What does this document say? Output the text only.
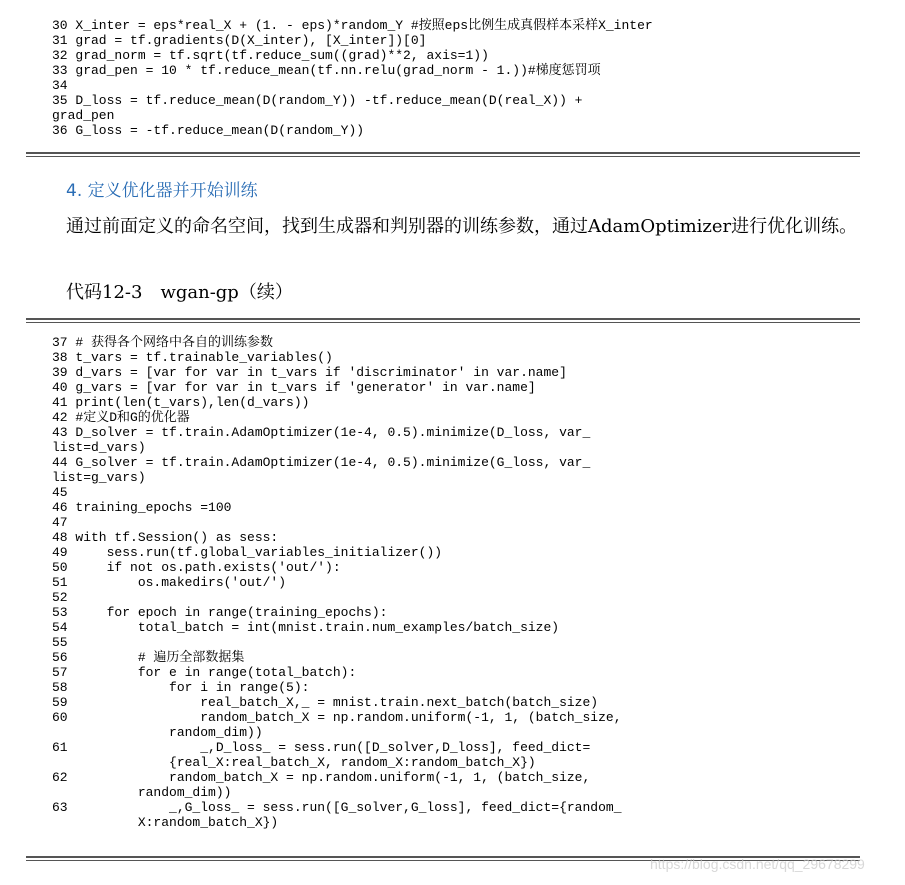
30 X_inter = eps*real_X + (1. - eps)*random_Y #按照eps比例生成真假样本采样X_inter
31 grad = tf.gradients(D(X_inter), [X_inter])[0]
32 grad_norm = tf.sqrt(tf.reduce_sum((grad)**2, axis=1))
33 grad_pen = 10 * tf.reduce_mean(tf.nn.relu(grad_norm - 1.))#梯度惩罚项
34
35 D_loss = tf.reduce_mean(D(random_Y)) -tf.reduce_mean(D(real_X)) +
grad_pen
36 G_loss = -tf.reduce_mean(D(random_Y))
4. 定义优化器并开始训练
通过前面定义的命名空间，找到生成器和判别器的训练参数，通过AdamOptimizer进行优化训练。
代码12-3　wgan-gp（续）
37 # 获得各个网络中各自的训练参数
38 t_vars = tf.trainable_variables()
39 d_vars = [var for var in t_vars if 'discriminator' in var.name]
40 g_vars = [var for var in t_vars if 'generator' in var.name]
41 print(len(t_vars),len(d_vars))
42 #定义D和G的优化器
43 D_solver = tf.train.AdamOptimizer(1e-4, 0.5).minimize(D_loss, var_
list=d_vars)
44 G_solver = tf.train.AdamOptimizer(1e-4, 0.5).minimize(G_loss, var_
list=g_vars)
45
46 training_epochs =100
47
48 with tf.Session() as sess:
49     sess.run(tf.global_variables_initializer())
50     if not os.path.exists('out/'):
51         os.makedirs('out/')
52
53     for epoch in range(training_epochs):
54         total_batch = int(mnist.train.num_examples/batch_size)
55
56         # 遍历全部数据集
57         for e in range(total_batch):
58             for i in range(5):
59                 real_batch_X,_ = mnist.train.next_batch(batch_size)
60                 random_batch_X = np.random.uniform(-1, 1, (batch_size,
random_dim))
61                 _,D_loss_ = sess.run([D_solver,D_loss], feed_dict=
{real_X:real_batch_X, random_X:random_batch_X})
62             random_batch_X = np.random.uniform(-1, 1, (batch_size,
random_dim))
63             _,G_loss_ = sess.run([G_solver,G_loss], feed_dict={random_
X:random_batch_X})
https://blog.csdn.net/qq_29678299
